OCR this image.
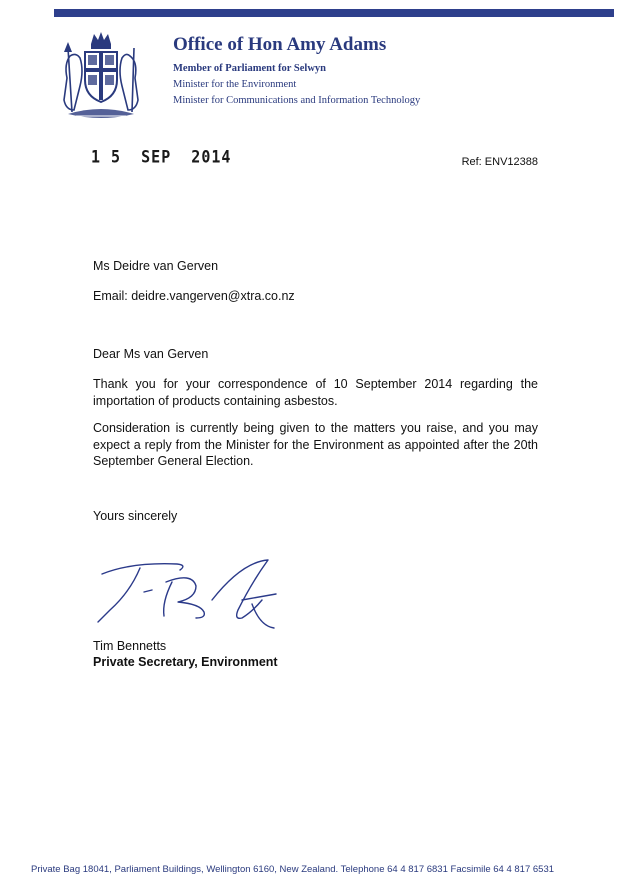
Office of Hon Amy Adams
Member of Parliament for Selwyn
Minister for the Environment
Minister for Communications and Information Technology
1 5  SEP  2014	Ref: ENV12388
Ms Deidre van Gerven
Email: deidre.vangerven@xtra.co.nz
Dear Ms van Gerven
Thank you for your correspondence of 10 September 2014 regarding the importation of products containing asbestos.
Consideration is currently being given to the matters you raise, and you may expect a reply from the Minister for the Environment as appointed after the 20th September General Election.
Yours sincerely
Tim Bennetts
Private Secretary, Environment
Private Bag 18041, Parliament Buildings, Wellington 6160, New Zealand. Telephone 64 4 817 6831 Facsimile 64 4 817 6531
